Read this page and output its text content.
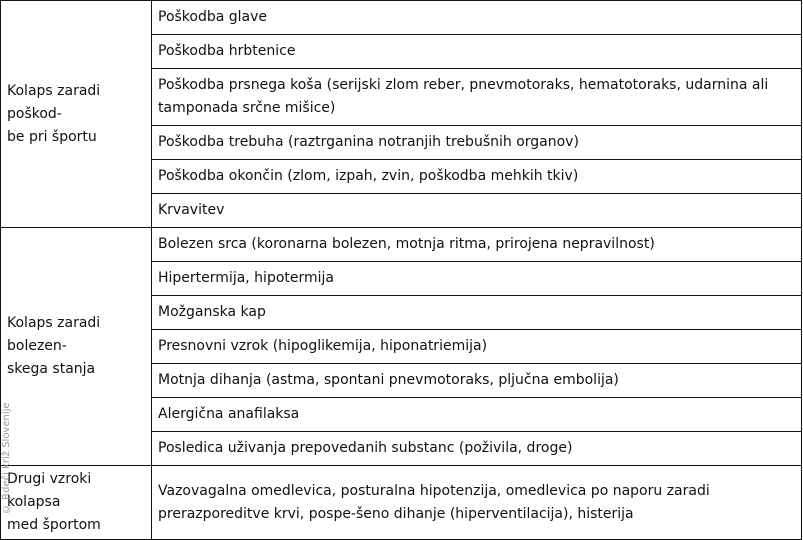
Kolaps zaradi poškod-
be pri športu	Poškodba glave
	Poškodba hrbtenice
	Poškodba prsnega koša (serijski zlom reber, pnevmotoraks, hematotoraks, udarnina ali tamponada srčne mišice)
	Poškodba trebuha (raztrganina notranjih trebušnih organov)
	Poškodba okončin (zlom, izpah, zvin, poškodba mehkih tkiv)
	Krvavitev
Kolaps zaradi bolezen-
skega stanja	Bolezen srca (koronarna bolezen, motnja ritma, prirojena nepravilnost)
	Hipertermija, hipotermija
	Možganska kap
	Presnovni vzrok (hipoglikemija, hiponatriemija)
	Motnja dihanja (astma, spontani pnevmotoraks, pljučna embolija)
	Alergična anafilaksa
	Posledica uživanja prepovedanih substanc (poživila, droge)
Drugi vzroki kolapsa
med športom	Vazovagalna omedlevica, posturalna hipotenzija, omedlevica po naporu zaradi prerazporeditve krvi, pospe-šeno dihanje (hiperventilacija), histerija
© Rdeči križ Slovenije
